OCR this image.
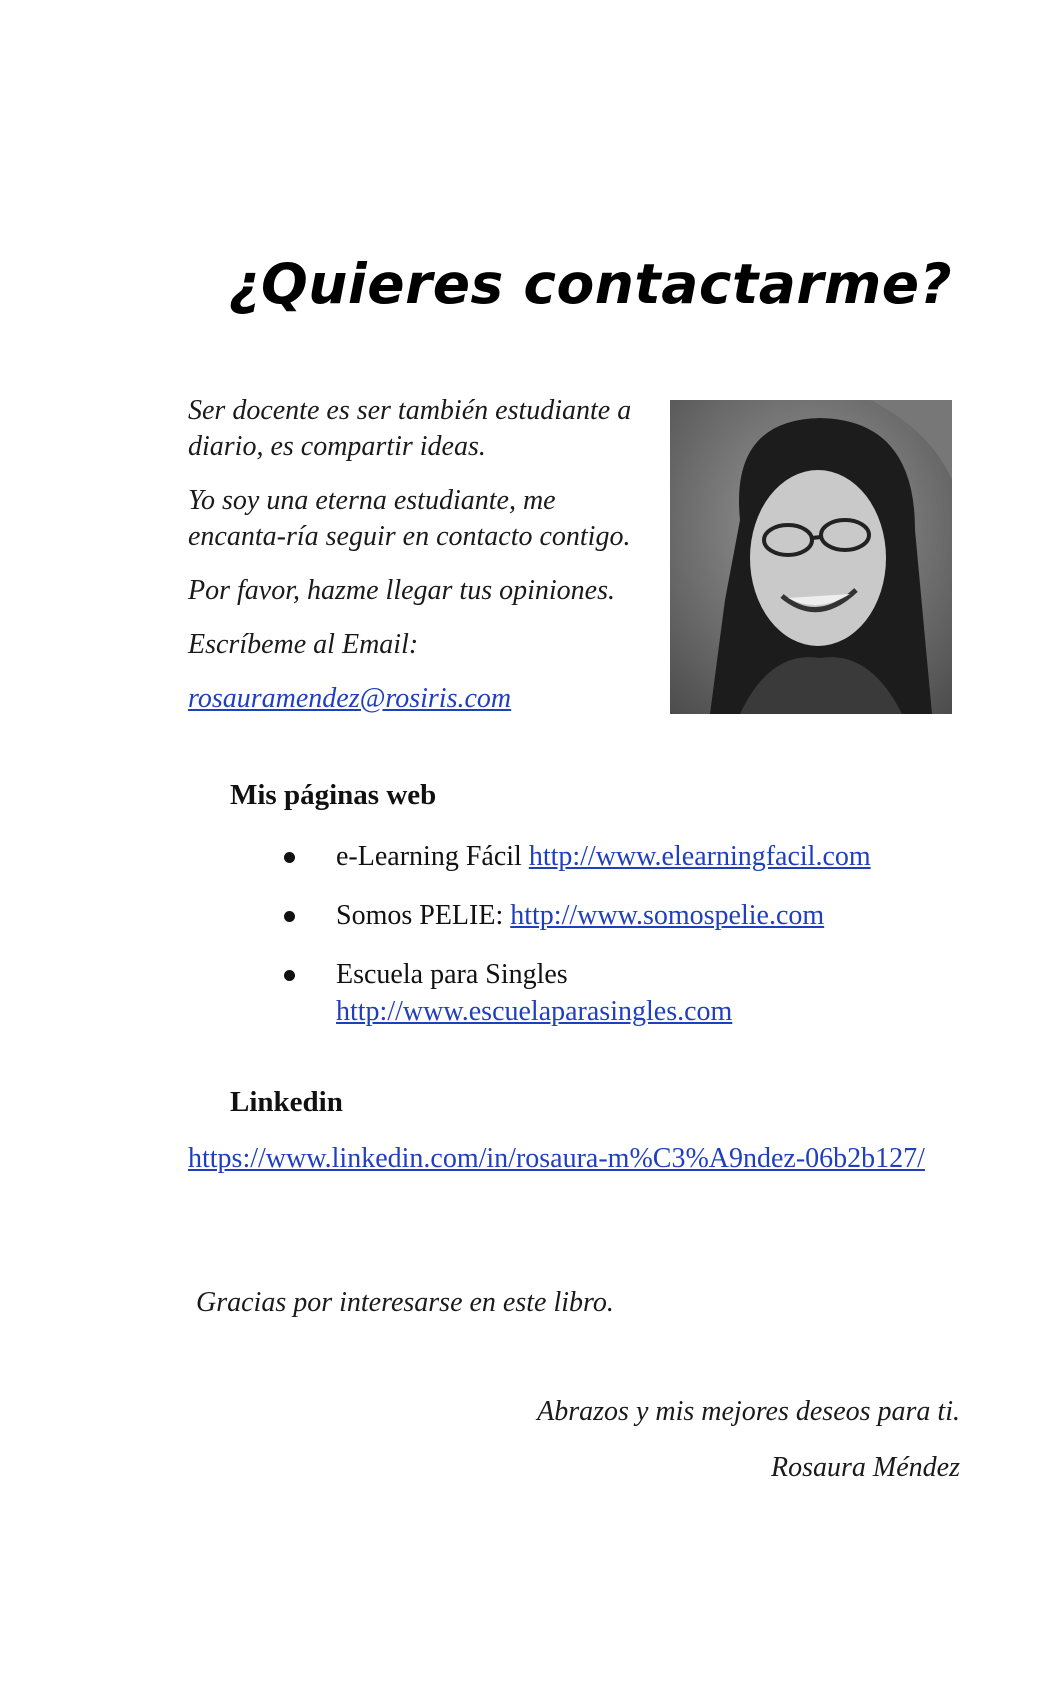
¿Quieres contactarme?

Ser docente es ser también estudiante a diario, es compartir ideas.

Yo soy una eterna estudiante, me encanta-ría seguir en contacto contigo.

Por favor, hazme llegar tus opiniones.

Escríbeme al Email:

rosauramendez@rosiris.com

Mis páginas web
e-Learning Fácil http://www.elearningfacil.com
Somos PELIE: http://www.somospelie.com
Escuela para Singles
http://www.escuelaparasingles.com
Linkedin
https://www.linkedin.com/in/rosaura-m%C3%A9ndez-06b2b127/

Gracias por interesarse en este libro.

Abrazos y mis mejores deseos para ti.

Rosaura Méndez
